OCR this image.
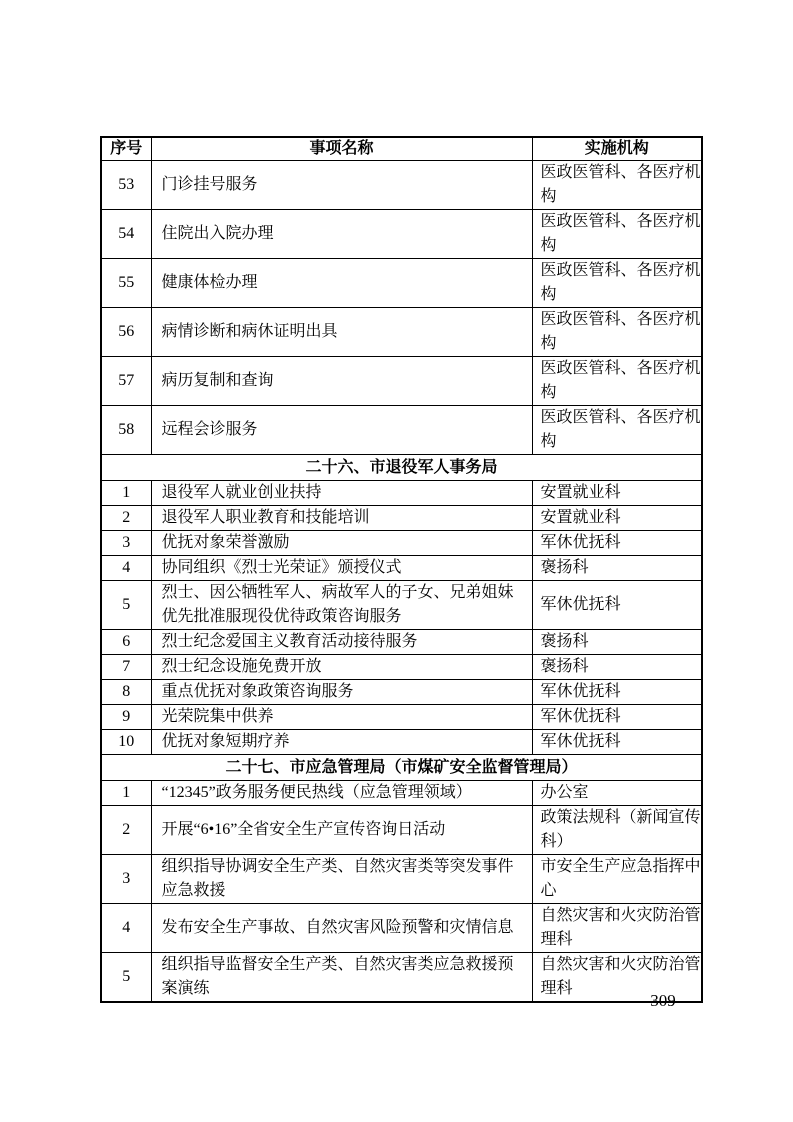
序号	事项名称	实施机构
53	门诊挂号服务	医政医管科、各医疗机构
54	住院出入院办理	医政医管科、各医疗机构
55	健康体检办理	医政医管科、各医疗机构
56	病情诊断和病休证明出具	医政医管科、各医疗机构
57	病历复制和查询	医政医管科、各医疗机构
58	远程会诊服务	医政医管科、各医疗机构
二十六、市退役军人事务局		
1	退役军人就业创业扶持	安置就业科
2	退役军人职业教育和技能培训	安置就业科
3	优抚对象荣誉激励	军休优抚科
4	协同组织《烈士光荣证》颁授仪式	褒扬科
5	烈士、因公牺牲军人、病故军人的子女、兄弟姐妹优先批准服现役优待政策咨询服务	军休优抚科
6	烈士纪念爱国主义教育活动接待服务	褒扬科
7	烈士纪念设施免费开放	褒扬科
8	重点优抚对象政策咨询服务	军休优抚科
9	光荣院集中供养	军休优抚科
10	优抚对象短期疗养	军休优抚科
二十七、市应急管理局（市煤矿安全监督管理局）		
1	“12345”政务服务便民热线（应急管理领域）	办公室
2	开展“6•16”全省安全生产宣传咨询日活动	政策法规科（新闻宣传科）
3	组织指导协调安全生产类、自然灾害类等突发事件应急救援	市安全生产应急指挥中心
4	发布安全生产事故、自然灾害风险预警和灾情信息	自然灾害和火灾防治管理科
5	组织指导监督安全生产类、自然灾害类应急救援预案演练	自然灾害和火灾防治管理科
— 309 —
